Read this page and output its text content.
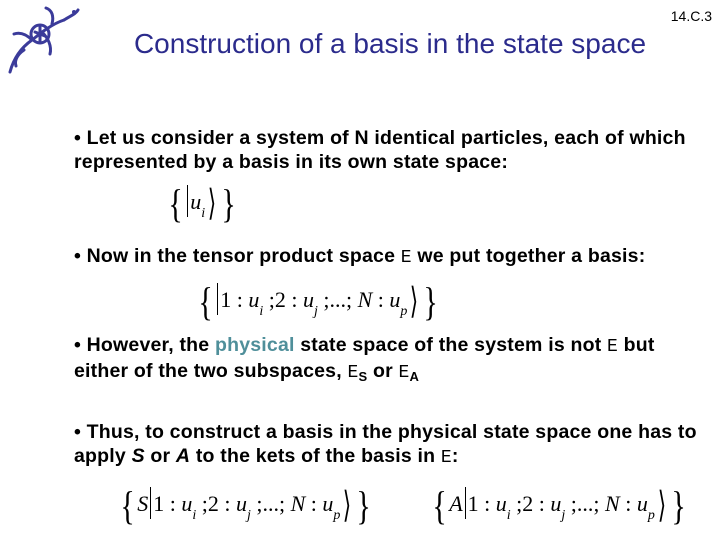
14.C.3
Construction of a basis in the state space
• Let us consider a system of N identical particles, each of which represented by a basis in its own state space:
{ $u_i⟩$ }
• Now in the tensor product space E we put together a basis:
{ 1 : $u_i$ ;2 : $u_j$ ;...; N : $u_p⟩$ }
• However, the physical state space of the system is not E but either of the two subspaces, $E_S$ or $E_A$
• Thus, to construct a basis in the physical state space one has to apply S or A to the kets of the basis in E:
{ S 1 : $u_i$ ;2 : $u_j$ ;...; N : $u_p⟩$ } { A 1 : $u_i$ ;2 : $u_j$ ;...; N : $u_p⟩$ }
